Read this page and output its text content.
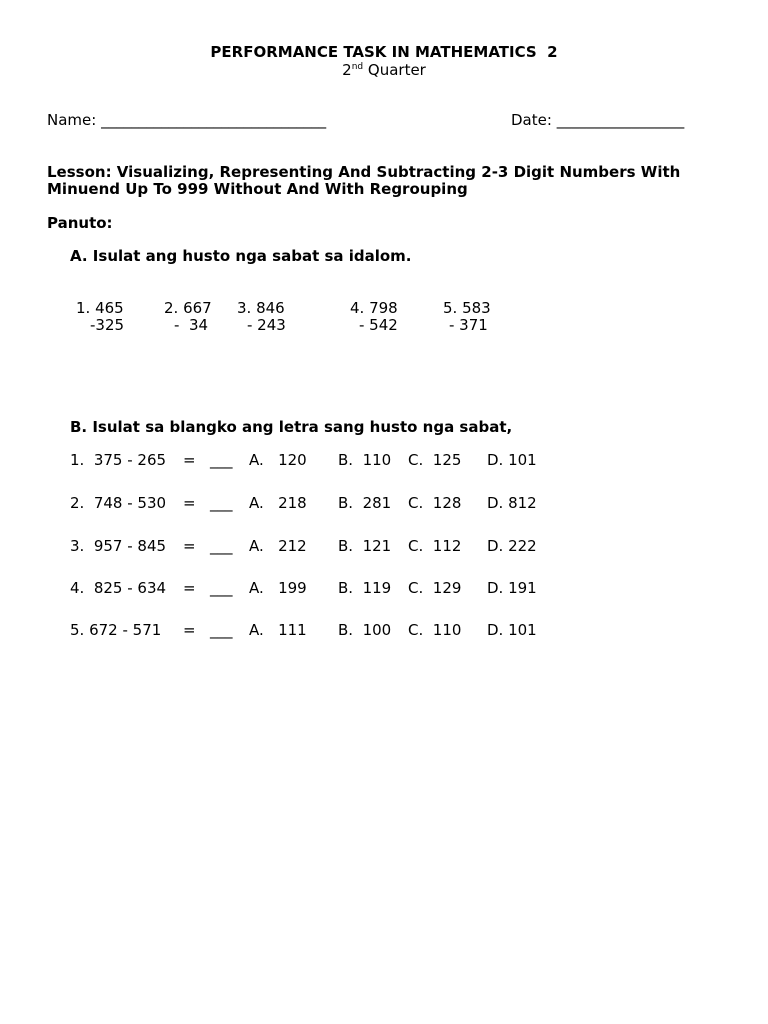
PERFORMANCE TASK IN MATHEMATICS  2
2nd Quarter
Name: ______________________________	Date: _________________
Lesson: Visualizing, Representing And Subtracting 2-3 Digit Numbers With
Minuend Up To 999 Without And With Regrouping
Panuto:
A. Isulat ang husto nga sabat sa idalom.
1. 465
-325
2. 667
-  34
3. 846
- 243
4. 798
- 542
5. 583
- 371
B. Isulat sa blangko ang letra sang husto nga sabat,
1.  375 - 265 = ___ A.   120 B.  110 C.  125 D. 101
2.  748 - 530 = ___ A.   218 B.  281 C.  128 D. 812
3.  957 - 845 = ___ A.   212 B.  121 C.  112 D. 222
4.  825 - 634 = ___ A.   199 B.  119 C.  129 D. 191
5. 672 - 571 = ___ A.   111 B.  100 C.  110 D. 101
